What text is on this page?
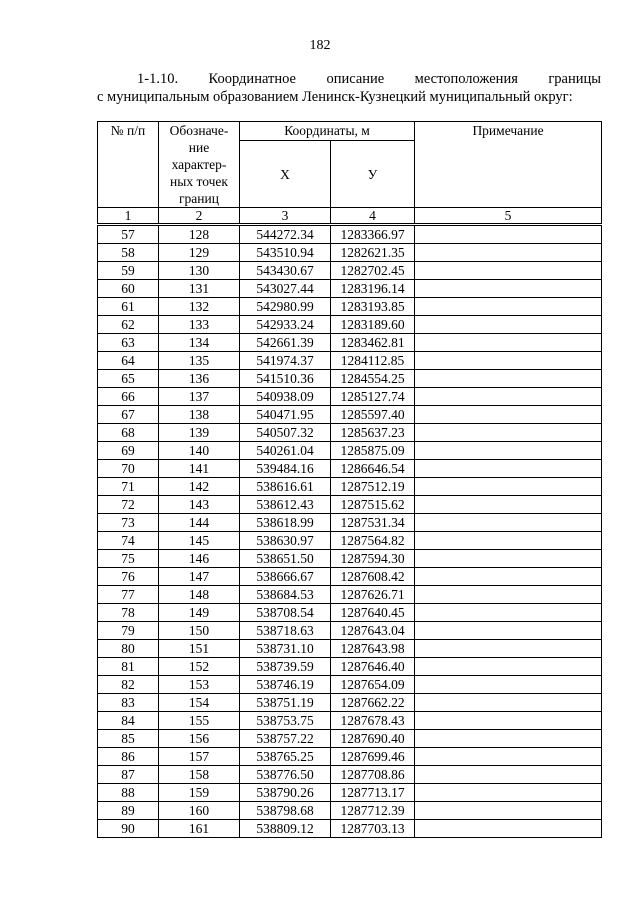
182
1-1.10. Координатное описание местоположения границы
с муниципальным образованием Ленинск-Кузнецкий муниципальный округ:
№ п/п	Обозначе- ние характер- ных точек границ	Координаты, м		Примечание
		Х	У	
1	2	3	4	5
57	128	544272.34	1283366.97	
58	129	543510.94	1282621.35	
59	130	543430.67	1282702.45	
60	131	543027.44	1283196.14	
61	132	542980.99	1283193.85	
62	133	542933.24	1283189.60	
63	134	542661.39	1283462.81	
64	135	541974.37	1284112.85	
65	136	541510.36	1284554.25	
66	137	540938.09	1285127.74	
67	138	540471.95	1285597.40	
68	139	540507.32	1285637.23	
69	140	540261.04	1285875.09	
70	141	539484.16	1286646.54	
71	142	538616.61	1287512.19	
72	143	538612.43	1287515.62	
73	144	538618.99	1287531.34	
74	145	538630.97	1287564.82	
75	146	538651.50	1287594.30	
76	147	538666.67	1287608.42	
77	148	538684.53	1287626.71	
78	149	538708.54	1287640.45	
79	150	538718.63	1287643.04	
80	151	538731.10	1287643.98	
81	152	538739.59	1287646.40	
82	153	538746.19	1287654.09	
83	154	538751.19	1287662.22	
84	155	538753.75	1287678.43	
85	156	538757.22	1287690.40	
86	157	538765.25	1287699.46	
87	158	538776.50	1287708.86	
88	159	538790.26	1287713.17	
89	160	538798.68	1287712.39	
90	161	538809.12	1287703.13	
